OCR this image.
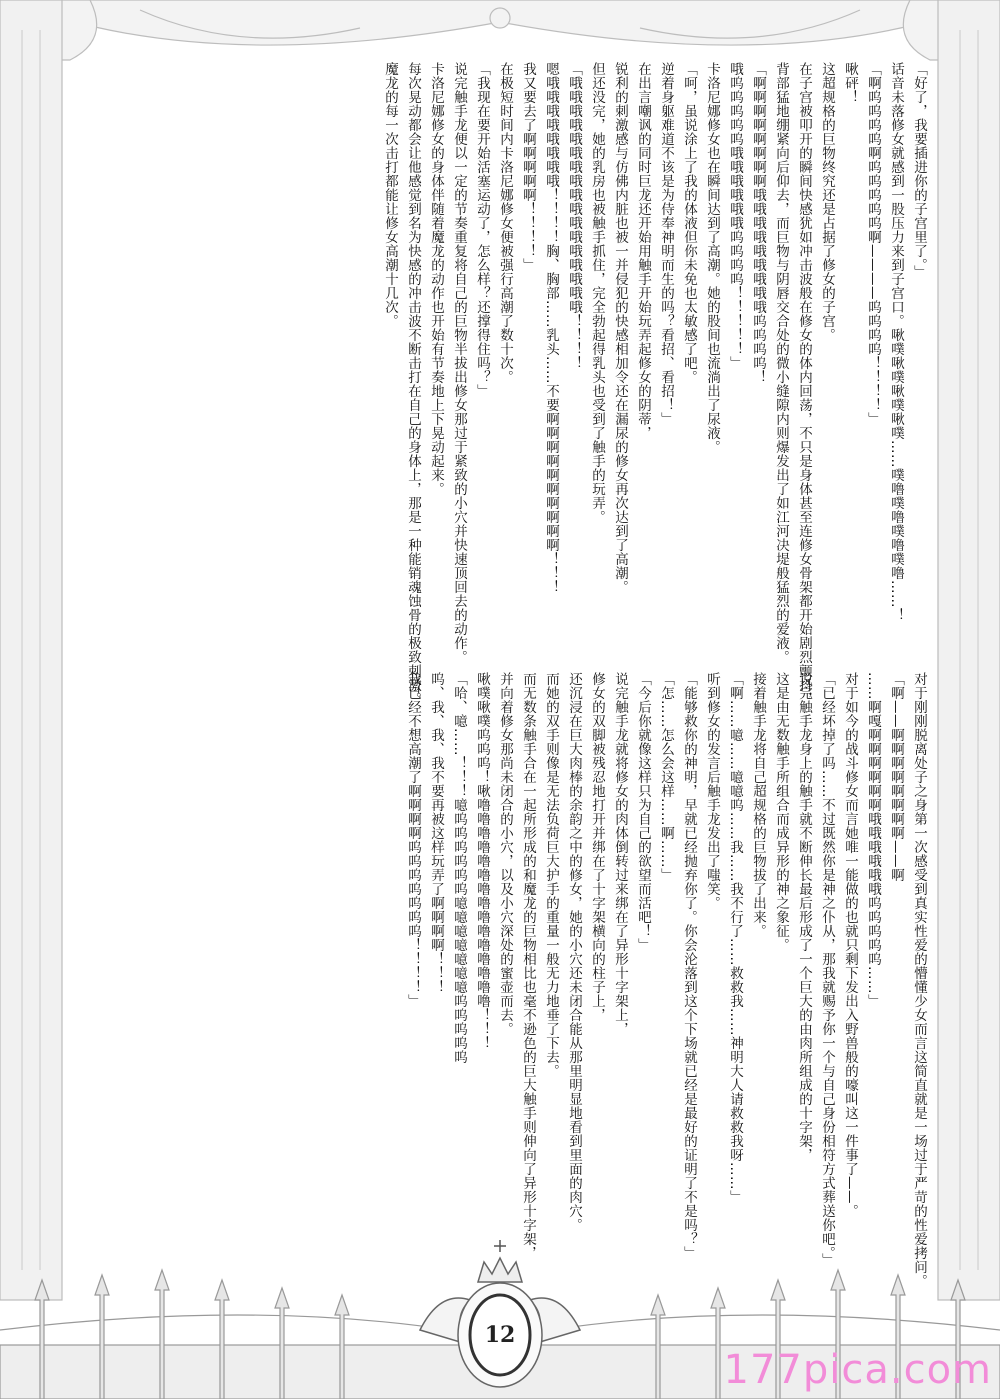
「好了，我要插进你的子宫里了。」
话音未落修女就感到一股压力来到子宫口。啾噗啾噗啾噗啾噗……噗噜噗噜噗噜噗噜……！
「啊呜呜呜呜啊呜呜呜呜呜啊————呜呜呜呜！！！！」
啾砰！
这超规格的巨物终究还是占据了修女的子宫。
在子宫被叩开的瞬间快感犹如冲击波般在修女的体内回荡，不只是身体甚至连修女骨架都开始剧烈颤抖，
背部猛地绷紧向后仰去，而巨物与阴唇交合处的微小缝隙内则爆发出了如江河决堤般猛烈的爱液。
「啊啊啊啊啊啊啊啊哦哦哦哦哦哦哦哦哦呜呜呜呜！
哦呜呜呜呜呜哦哦哦哦哦哦呜呜呜呜！！！！！」
卡洛尼娜修女也在瞬间达到了高潮。她的股间也流淌出了尿液。
「呵，虽说涂上了我的体液但你未免也太敏感了吧。
逆着身躯难道不该是为侍奉神明而生的吗？看招、看招！」
在出言嘲讽的同时巨龙还开始用触手开始玩弄起修女的阴蒂，
锐利的刺激感与仿佛内脏也被一并侵犯的快感相加令还在漏尿的修女再次达到了高潮。
但还没完，她的乳房也被触手抓住，完全勃起得乳头也受到了触手的玩弄。
「哦哦哦哦哦哦哦哦哦哦哦哦哦哦哦哦哦！！！！
嗯哦哦哦哦哦哦哦哦！！！！胸、胸部……乳头……不要啊啊啊啊啊啊啊啊啊啊！！！
我又要去了啊啊啊啊啊！！！！」
在极短时间内卡洛尼娜修女便被强行高潮了数十次。
「我现在要开始活塞运动了，怎么样？还撑得住吗？」
说完触手龙便以一定的节奏重复将自己的巨物半拔出修女那过于紧致的小穴并快速顶回去的动作。
卡洛尼娜修女的身体伴随着魔龙的动作也开始有节奏地上下晃动起来。
每次晃动都会让他感觉到名为快感的冲击波不断击打在自己的身体上，那是一种能销魂蚀骨的极致刺激。
魔龙的每一次击打都能让修女高潮十几次。
对于刚刚脱离处子之身第一次感受到真实性爱的懵懂少女而言这简直就是一场过于严苛的性爱拷问。
「啊——啊啊啊啊啊啊啊啊——啊
……啊嘎啊啊啊啊啊啊哦哦哦哦哦哦呜呜呜呜呜……」
对于如今的战斗修女而言她唯一能做的也就只剩下发出入野兽般的嚎叫这一件事了——。
「已经坏掉了吗……不过既然你是神之仆从，那我就赐予你一个与自己身份相符方式葬送你吧。」
说完触手龙身上的触手就不断伸长最后形成了一个巨大的由肉所组成的十字架，
这是由无数触手所组合而成异形的神之象征。
接着触手龙将自己超规格的巨物拔了出来。
「啊……噫……噫噫呜……我……我不行了……救救我……神明大人请救救我呀……」
听到修女的发言后触手龙发出了嗤笑。
「能够救你的神明，早就已经抛弃你了。你会沦落到这个下场就已经是最好的证明了不是吗？」
「怎……怎么会这样……啊……」
「今后你就像这样只为自己的欲望而活吧！」
说完触手龙就将修女的肉体倒转过来绑在了异形十字架上，
修女的双脚被残忍地打开并绑在了十字架横向的柱子上，
还沉浸在巨大肉棒的余韵之中的修女，她的小穴还未闭合能从那里明显地看到里面的肉穴。
而她的双手则像是无法负荷巨大护手的重量一般无力地垂了下去。
而无数条触手合在一起所形成的和魔龙的巨物相比也毫不逊色的巨大触手则伸向了异形十字架，
并向着修女那尚未闭合的小穴，以及小穴深处的蜜壶而去。
啾噗啾噗呜呜呜！啾噜噜噜噜噜噜噜噜噜噜噜噜噜噜噜！！！
「哈、噫……！！！噫呜呜呜呜呜呜噫噫噫噫噫噫噫呜呜呜呜呜
呜、我、我、我不要再被这样玩弄了啊啊啊啊！！！
我已经不想高潮了啊啊啊啊呜呜呜呜呜呜呜！！！！」
12
177pica.com
